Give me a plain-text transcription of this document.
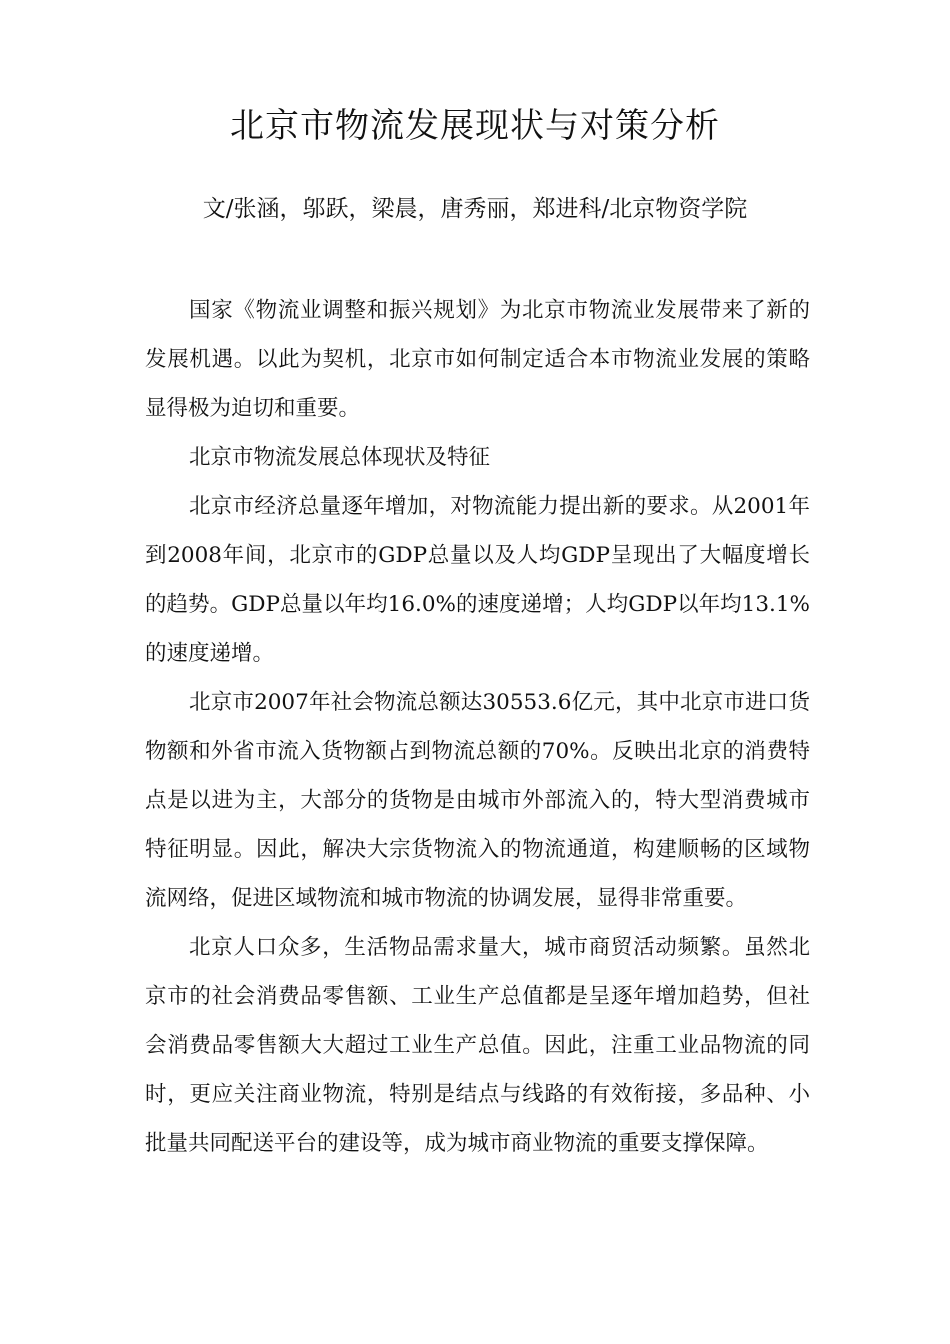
北京市物流发展现状与对策分析

文/张涵，邬跃，梁晨，唐秀丽，郑进科/北京物资学院

国家《物流业调整和振兴规划》为北京市物流业发展带来了新的发展机遇。以此为契机，北京市如何制定适合本市物流业发展的策略显得极为迫切和重要。

北京市物流发展总体现状及特征

北京市经济总量逐年增加，对物流能力提出新的要求。从2001年到2008年间，北京市的GDP总量以及人均GDP呈现出了大幅度增长的趋势。GDP总量以年均16.0%的速度递增；人均GDP以年均13.1%的速度递增。

北京市2007年社会物流总额达30553.6亿元，其中北京市进口货物额和外省市流入货物额占到物流总额的70%。反映出北京的消费特点是以进为主，大部分的货物是由城市外部流入的，特大型消费城市特征明显。因此，解决大宗货物流入的物流通道，构建顺畅的区域物流网络，促进区域物流和城市物流的协调发展，显得非常重要。

北京人口众多，生活物品需求量大，城市商贸活动频繁。虽然北京市的社会消费品零售额、工业生产总值都是呈逐年增加趋势，但社会消费品零售额大大超过工业生产总值。因此，注重工业品物流的同时，更应关注商业物流，特别是结点与线路的有效衔接，多品种、小批量共同配送平台的建设等，成为城市商业物流的重要支撑保障。
